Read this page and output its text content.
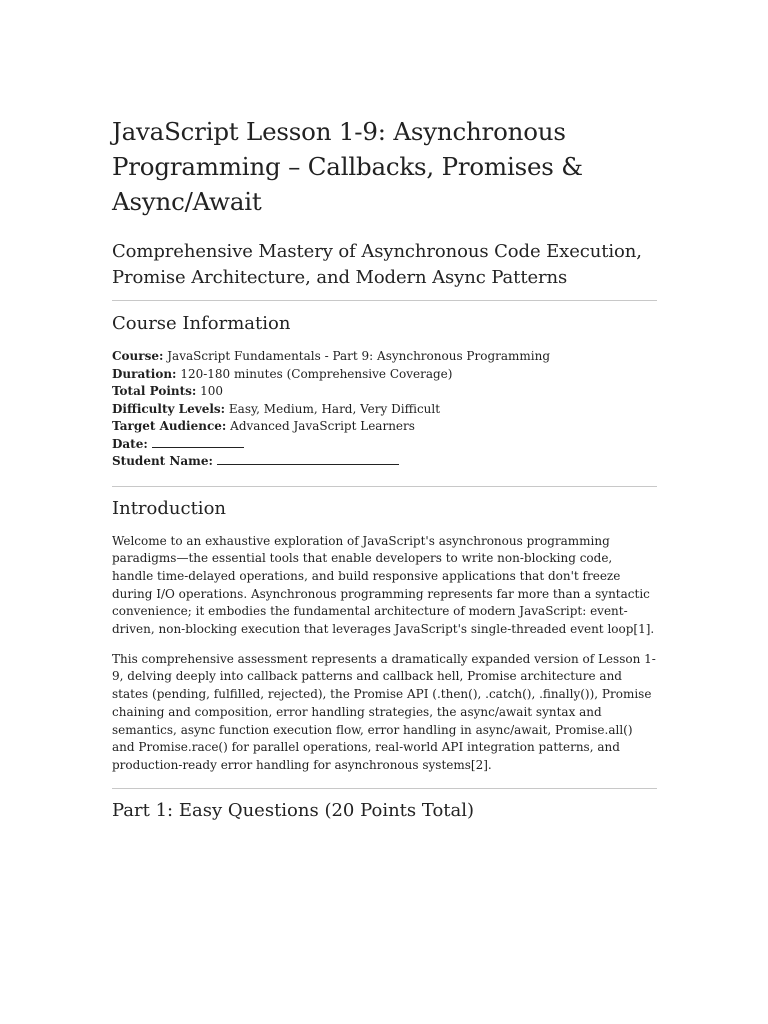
JavaScript Lesson 1-9: Asynchronous Programming – Callbacks, Promises & Async/Await
Comprehensive Mastery of Asynchronous Code Execution, Promise Architecture, and Modern Async Patterns
Course Information
Course: JavaScript Fundamentals - Part 9: Asynchronous Programming
Duration: 120-180 minutes (Comprehensive Coverage)
Total Points: 100
Difficulty Levels: Easy, Medium, Hard, Very Difficult
Target Audience: Advanced JavaScript Learners
Date:
Student Name:
Introduction

Welcome to an exhaustive exploration of JavaScript's asynchronous programming paradigms—the essential tools that enable developers to write non-blocking code, handle time-delayed operations, and build responsive applications that don't freeze during I/O operations. Asynchronous programming represents far more than a syntactic convenience; it embodies the fundamental architecture of modern JavaScript: event-driven, non-blocking execution that leverages JavaScript's single-threaded event loop[1].

This comprehensive assessment represents a dramatically expanded version of Lesson 1-9, delving deeply into callback patterns and callback hell, Promise architecture and states (pending, fulfilled, rejected), the Promise API (.then(), .catch(), .finally()), Promise chaining and composition, error handling strategies, the async/await syntax and semantics, async function execution flow, error handling in async/await, Promise.all() and Promise.race() for parallel operations, real-world API integration patterns, and production-ready error handling for asynchronous systems[2].

Part 1: Easy Questions (20 Points Total)
